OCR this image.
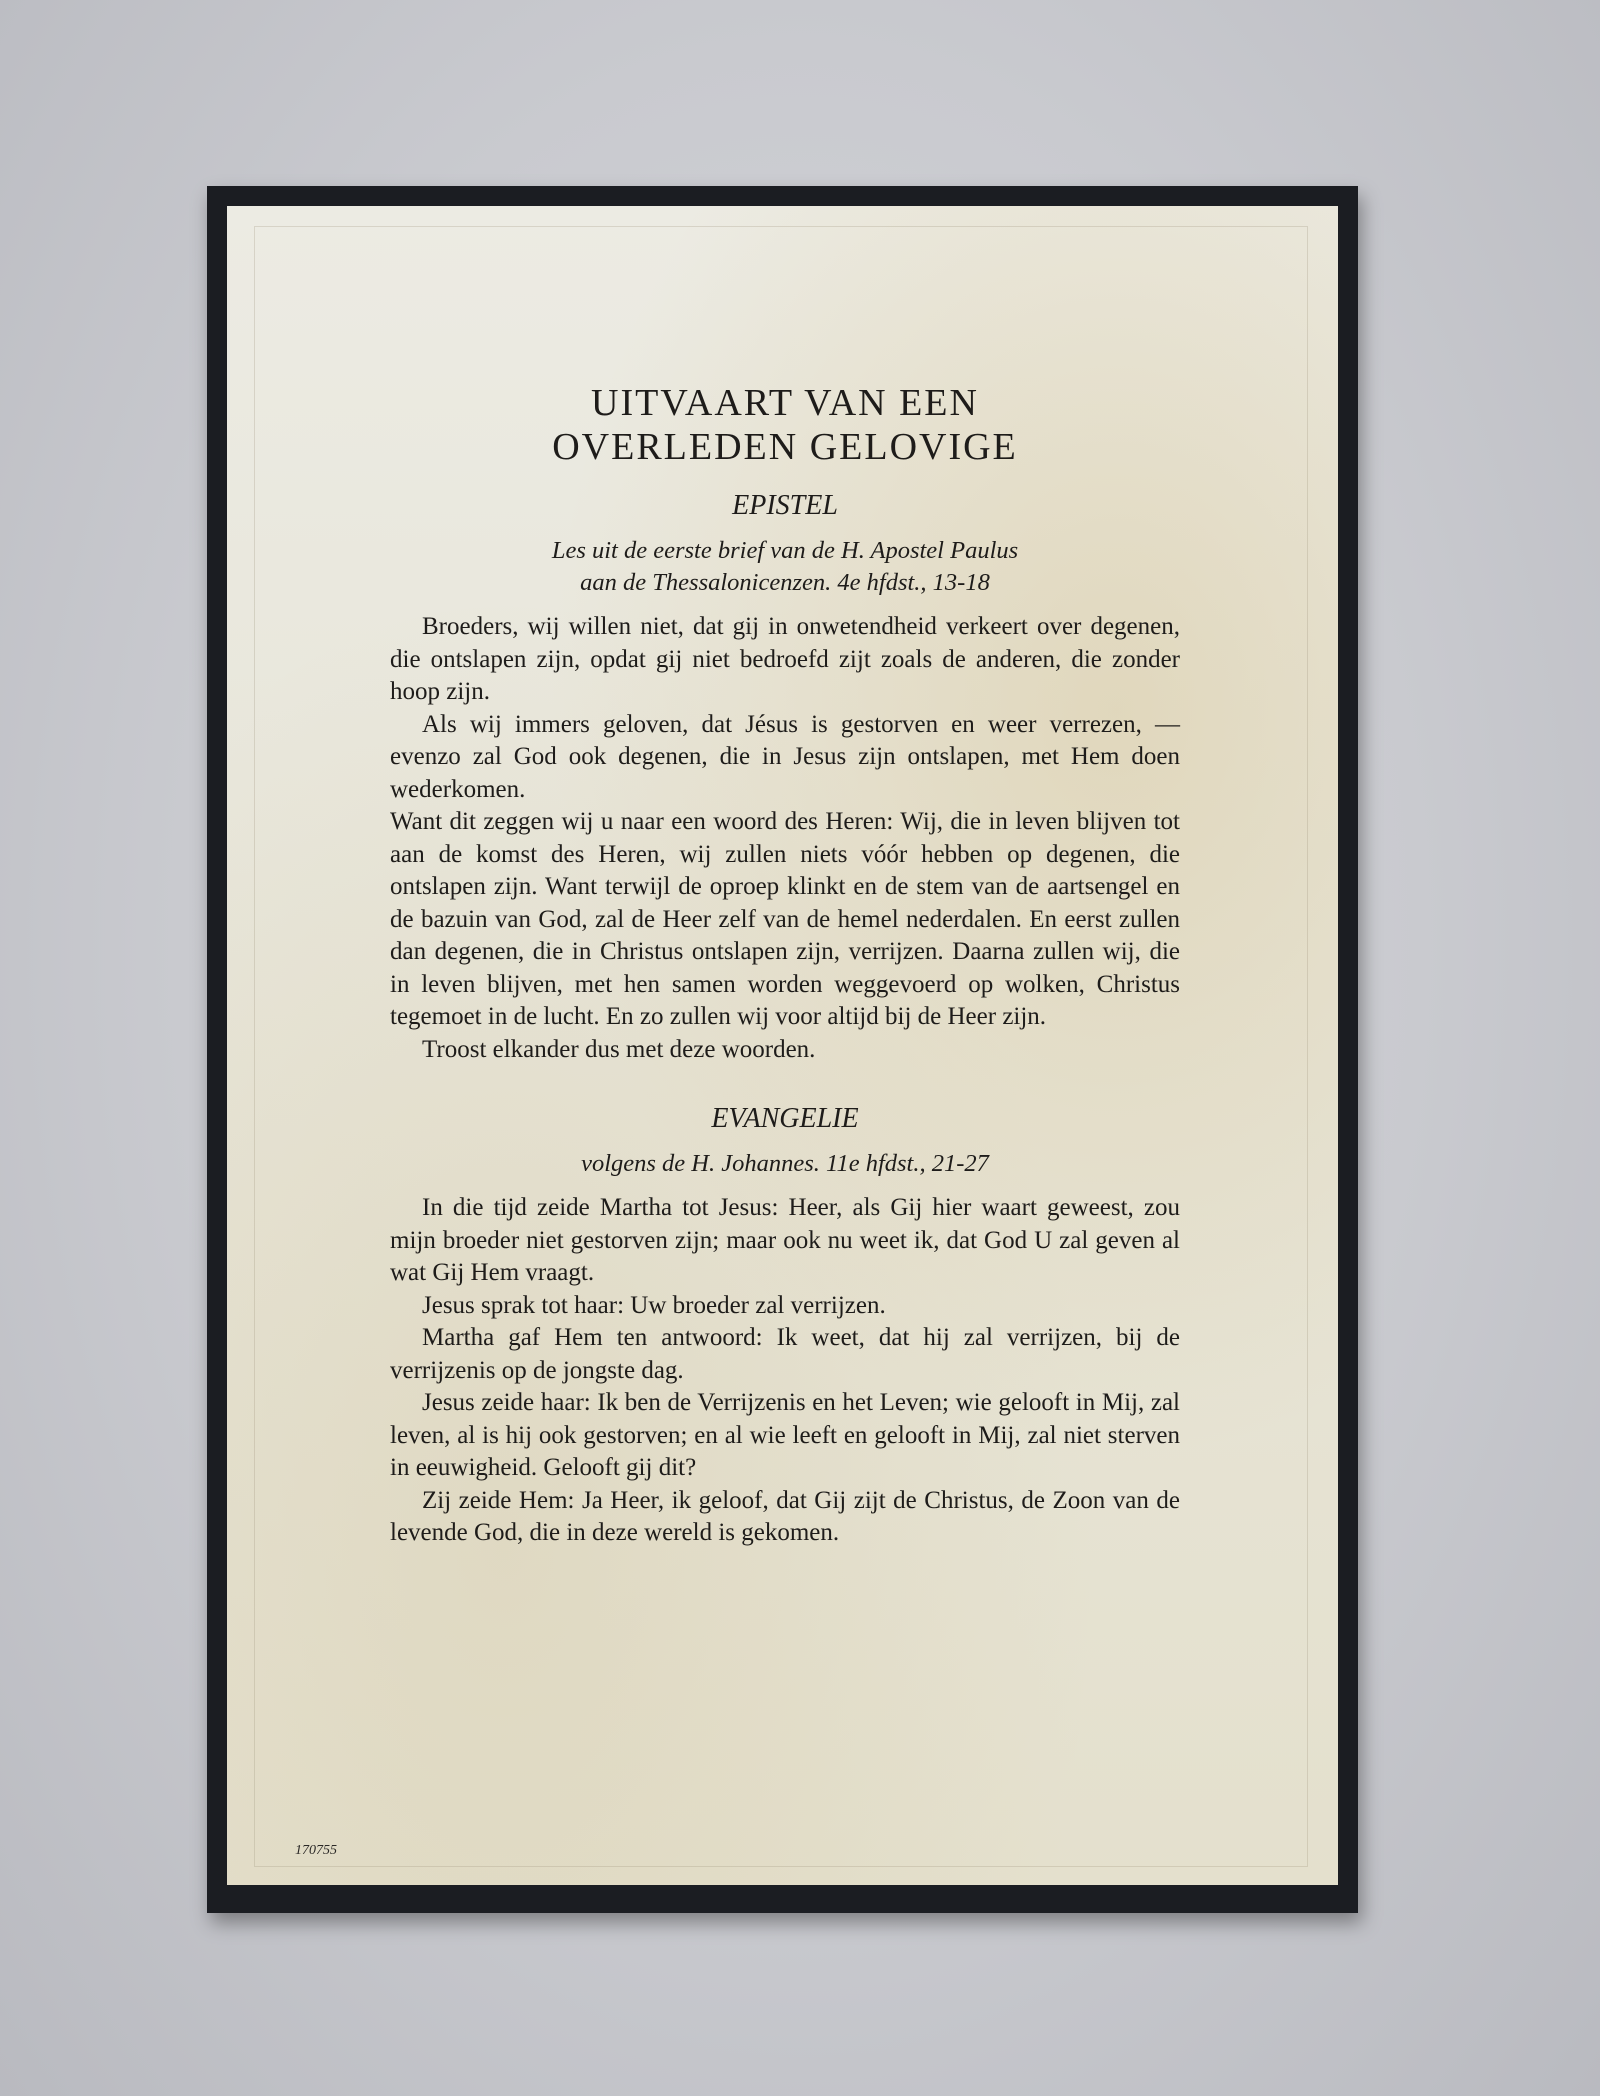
UITVAART VAN EEN
OVERLEDEN GELOVIGE
EPISTEL
Les uit de eerste brief van de H. Apostel Paulus
aan de Thessalonicenzen. 4e hfdst., 13-18

Broeders, wij willen niet, dat gij in onwetendheid verkeert over degenen, die ontslapen zijn, opdat gij niet bedroefd zijt zoals de anderen, die zonder hoop zijn.

Als wij immers geloven, dat Jésus is gestorven en weer verrezen, — evenzo zal God ook degenen, die in Jesus zijn ontslapen, met Hem doen wederkomen.

Want dit zeggen wij u naar een woord des Heren: Wij, die in leven blijven tot aan de komst des Heren, wij zullen niets vóór hebben op degenen, die ontslapen zijn. Want terwijl de oproep klinkt en de stem van de aartsengel en de bazuin van God, zal de Heer zelf van de hemel nederdalen. En eerst zullen dan degenen, die in Christus ontslapen zijn, verrijzen. Daarna zullen wij, die in leven blijven, met hen samen worden weggevoerd op wolken, Christus tegemoet in de lucht. En zo zullen wij voor altijd bij de Heer zijn.

Troost elkander dus met deze woorden.

EVANGELIE
volgens de H. Johannes. 11e hfdst., 21-27

In die tijd zeide Martha tot Jesus: Heer, als Gij hier waart geweest, zou mijn broeder niet gestorven zijn; maar ook nu weet ik, dat God U zal geven al wat Gij Hem vraagt.

Jesus sprak tot haar: Uw broeder zal verrijzen.

Martha gaf Hem ten antwoord: Ik weet, dat hij zal verrijzen, bij de verrijzenis op de jongste dag.

Jesus zeide haar: Ik ben de Verrijzenis en het Leven; wie gelooft in Mij, zal leven, al is hij ook gestorven; en al wie leeft en gelooft in Mij, zal niet sterven in eeuwigheid. Gelooft gij dit?

Zij zeide Hem: Ja Heer, ik geloof, dat Gij zijt de Christus, de Zoon van de levende God, die in deze wereld is gekomen.

170755
